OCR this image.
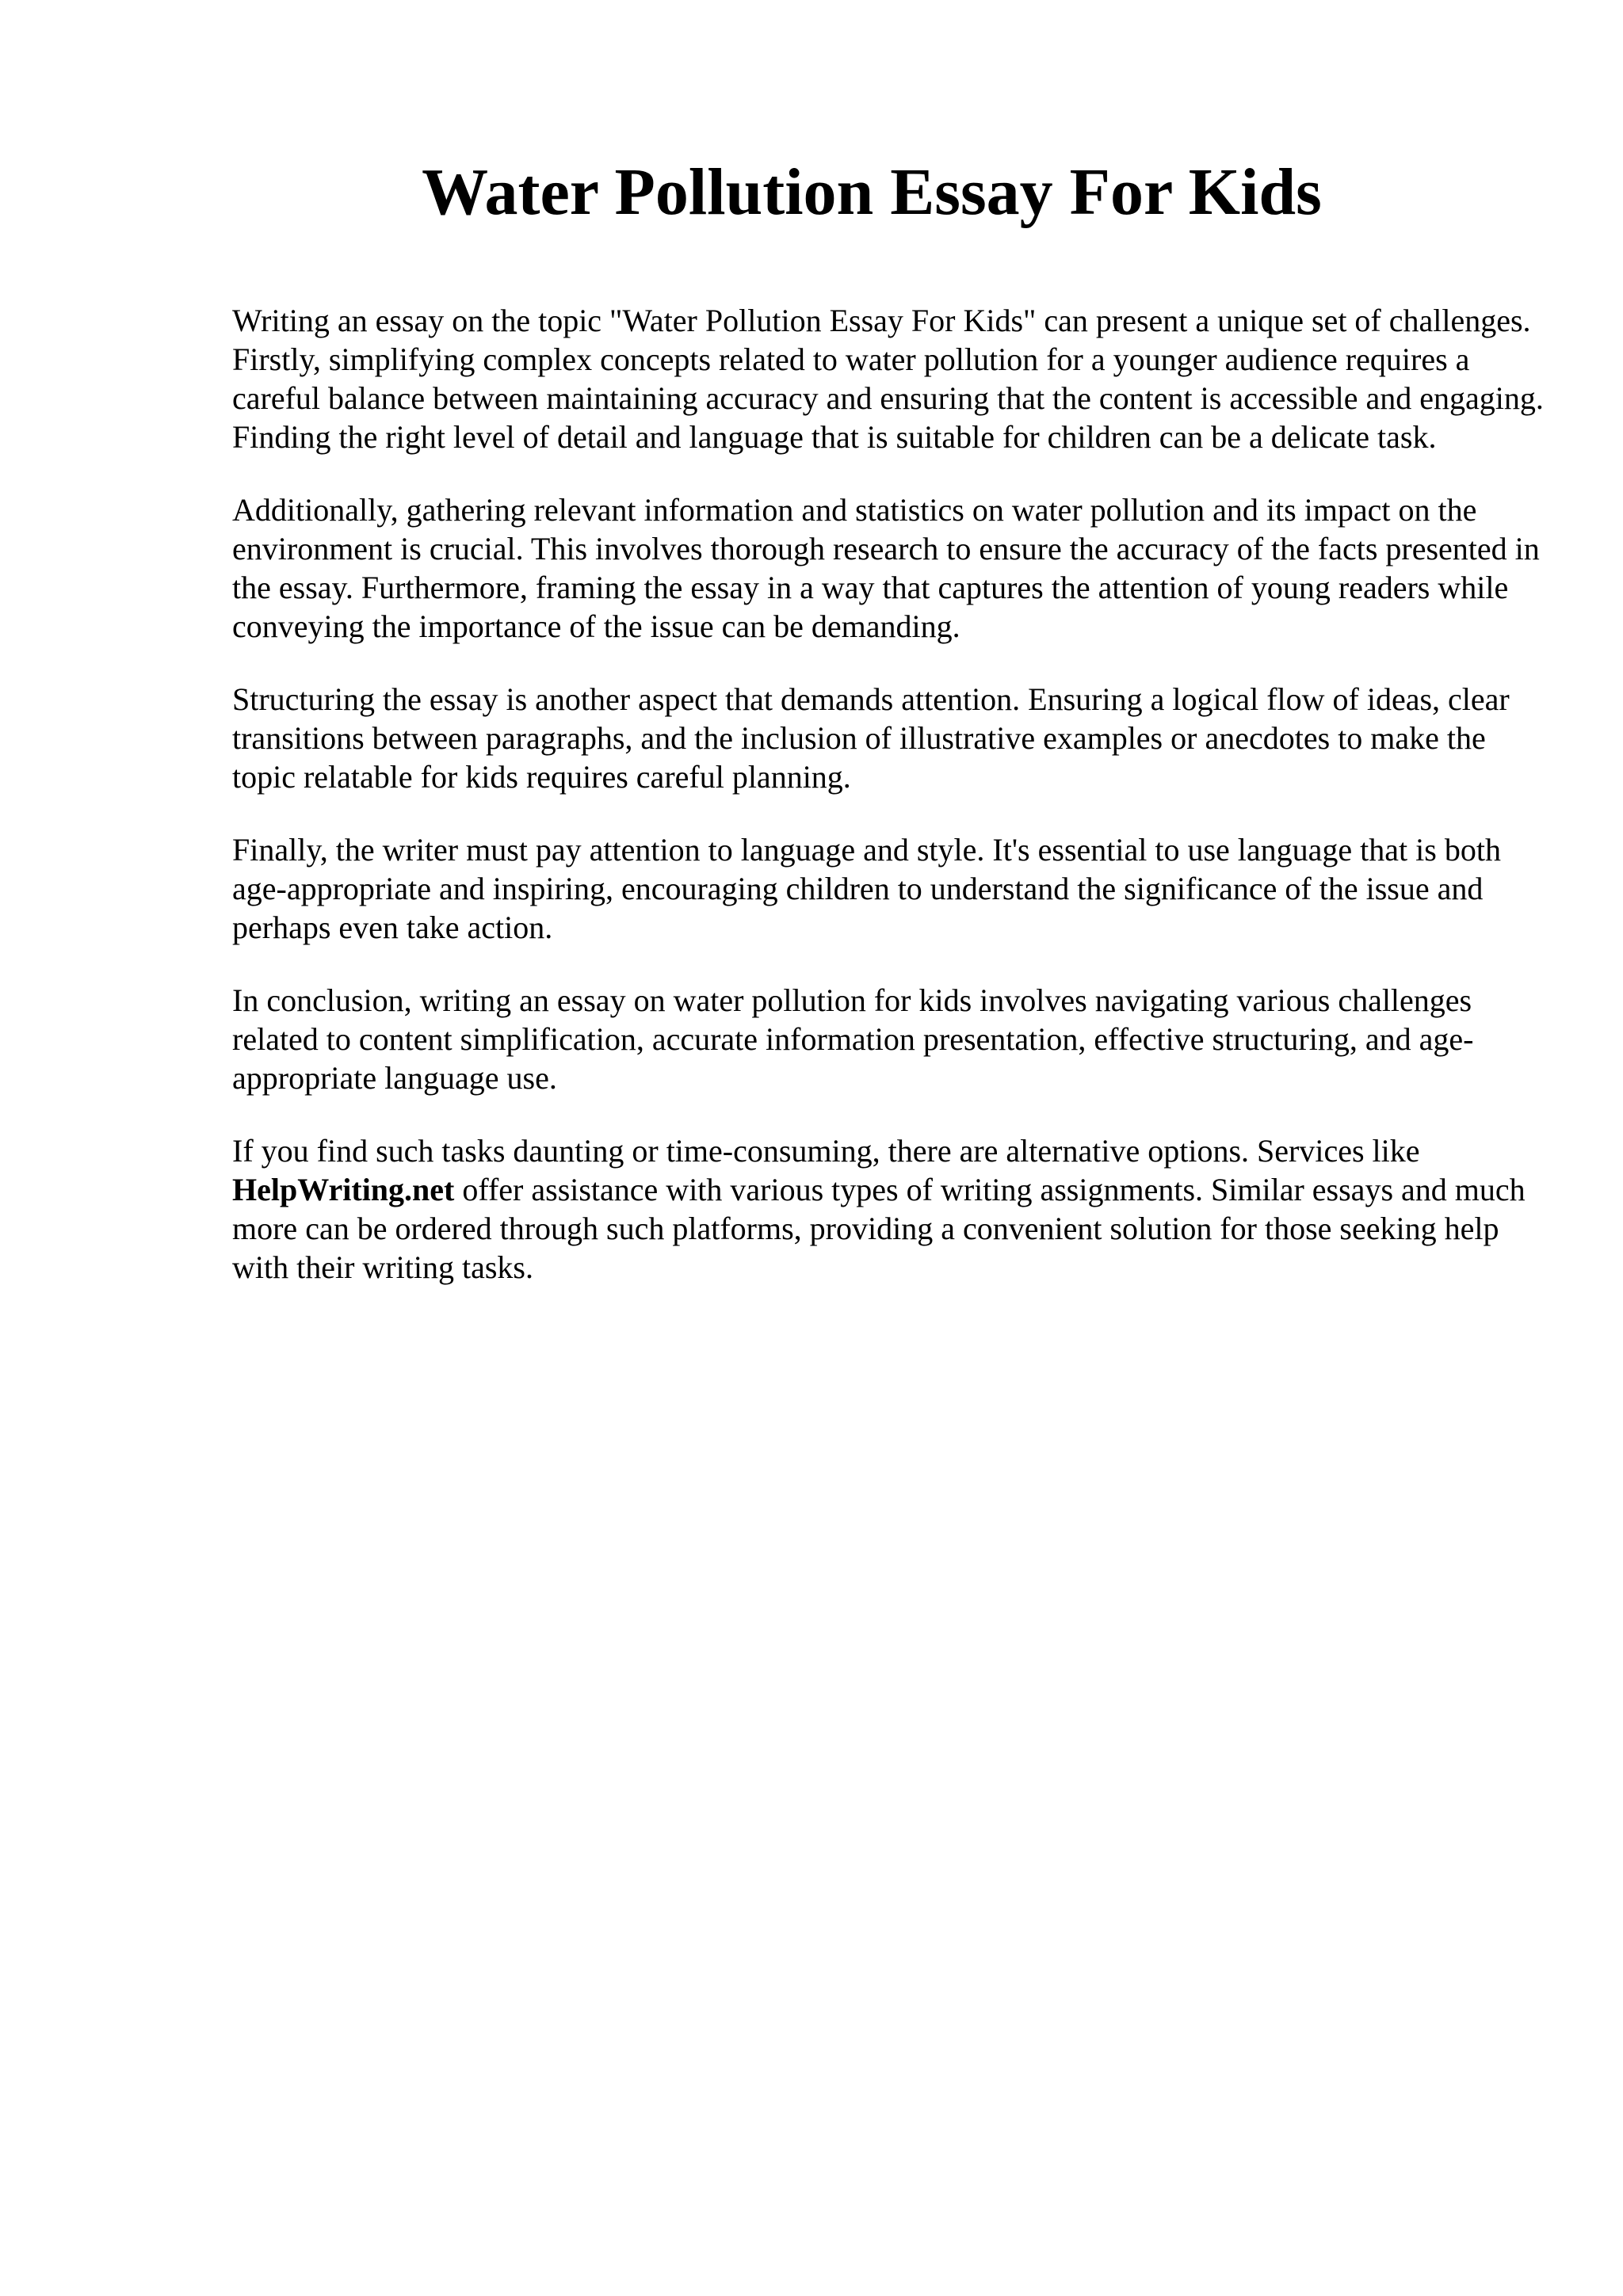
Water Pollution Essay For Kids

Writing an essay on the topic "Water Pollution Essay For Kids" can present a unique set of challenges. Firstly, simplifying complex concepts related to water pollution for a younger audience requires a careful balance between maintaining accuracy and ensuring that the content is accessible and engaging. Finding the right level of detail and language that is suitable for children can be a delicate task.

Additionally, gathering relevant information and statistics on water pollution and its impact on the environment is crucial. This involves thorough research to ensure the accuracy of the facts presented in the essay. Furthermore, framing the essay in a way that captures the attention of young readers while conveying the importance of the issue can be demanding.

Structuring the essay is another aspect that demands attention. Ensuring a logical flow of ideas, clear transitions between paragraphs, and the inclusion of illustrative examples or anecdotes to make the topic relatable for kids requires careful planning.

Finally, the writer must pay attention to language and style. It's essential to use language that is both age-appropriate and inspiring, encouraging children to understand the significance of the issue and perhaps even take action.

In conclusion, writing an essay on water pollution for kids involves navigating various challenges related to content simplification, accurate information presentation, effective structuring, and age-appropriate language use.

If you find such tasks daunting or time-consuming, there are alternative options. Services like HelpWriting.net offer assistance with various types of writing assignments. Similar essays and much more can be ordered through such platforms, providing a convenient solution for those seeking help with their writing tasks.
